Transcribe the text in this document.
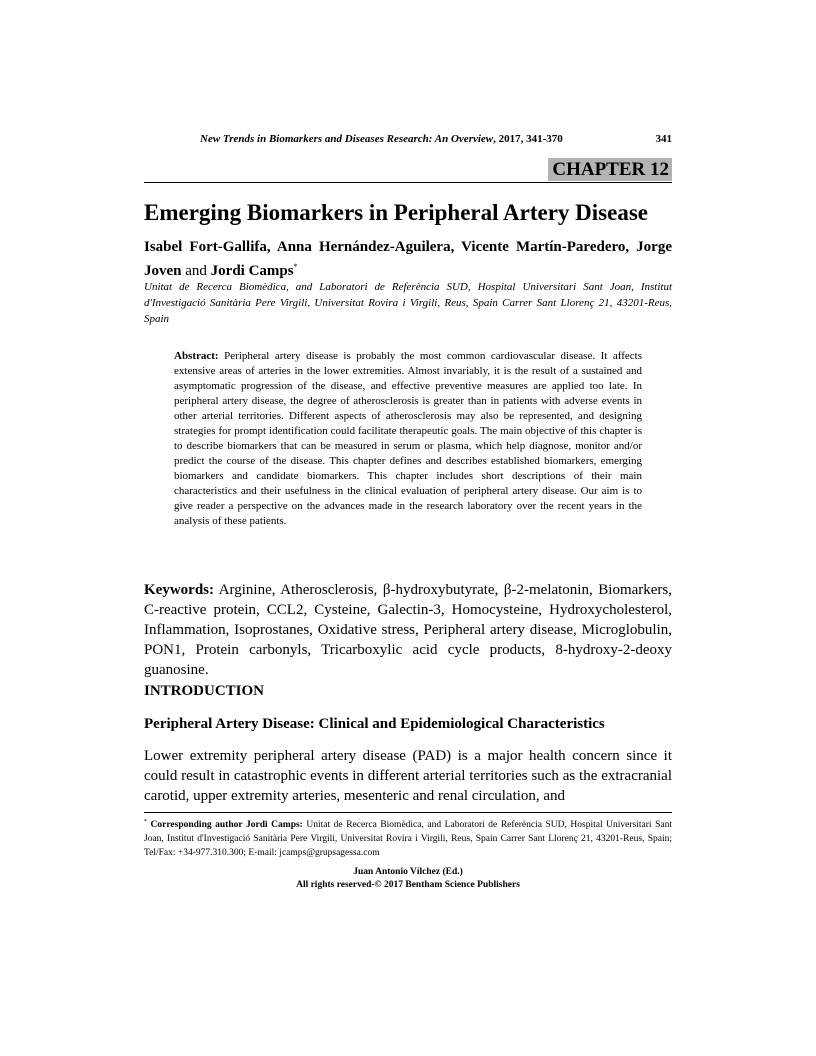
New Trends in Biomarkers and Diseases Research: An Overview, 2017, 341-370	341
CHAPTER 12
Emerging Biomarkers in Peripheral Artery Disease
Isabel Fort-Gallifa, Anna Hernández-Aguilera, Vicente Martín-Paredero, Jorge Joven and Jordi Camps*
Unitat de Recerca Biomèdica, and Laboratori de Referència SUD, Hospital Universitari Sant Joan, Institut d'Investigació Sanitària Pere Virgili, Universitat Rovira i Virgili, Reus, Spain Carrer Sant Llorenç 21, 43201-Reus, Spain
Abstract: Peripheral artery disease is probably the most common cardiovascular disease. It affects extensive areas of arteries in the lower extremities. Almost invariably, it is the result of a sustained and asymptomatic progression of the disease, and effective preventive measures are applied too late. In peripheral artery disease, the degree of atherosclerosis is greater than in patients with adverse events in other arterial territories. Different aspects of atherosclerosis may also be represented, and designing strategies for prompt identification could facilitate therapeutic goals. The main objective of this chapter is to describe biomarkers that can be measured in serum or plasma, which help diagnose, monitor and/or predict the course of the disease. This chapter defines and describes established biomarkers, emerging biomarkers and candidate biomarkers. This chapter includes short descriptions of their main characteristics and their usefulness in the clinical evaluation of peripheral artery disease. Our aim is to give reader a perspective on the advances made in the research laboratory over the recent years in the analysis of these patients.
Keywords: Arginine, Atherosclerosis, β-hydroxybutyrate, β-2-melatonin, Biomarkers, C-reactive protein, CCL2, Cysteine, Galectin-3, Homocysteine, Hydroxycholesterol, Inflammation, Isoprostanes, Oxidative stress, Peripheral artery disease, Microglobulin, PON1, Protein carbonyls, Tricarboxylic acid cycle products, 8-hydroxy-2-deoxy guanosine.
INTRODUCTION
Peripheral Artery Disease: Clinical and Epidemiological Characteristics
Lower extremity peripheral artery disease (PAD) is a major health concern since it could result in catastrophic events in different arterial territories such as the extracranial carotid, upper extremity arteries, mesenteric and renal circulation, and
* Corresponding author Jordi Camps: Unitat de Recerca Biomèdica, and Laboratori de Referència SUD, Hospital Universitari Sant Joan, Institut d'Investigació Sanitària Pere Virgili, Universitat Rovira i Virgili, Reus, Spain Carrer Sant Llorenç 21, 43201-Reus, Spain; Tel/Fax: +34-977.310.300; E-mail: jcamps@grupsagessa.com
Juan Antonio Vílchez (Ed.)
All rights reserved-© 2017 Bentham Science Publishers
